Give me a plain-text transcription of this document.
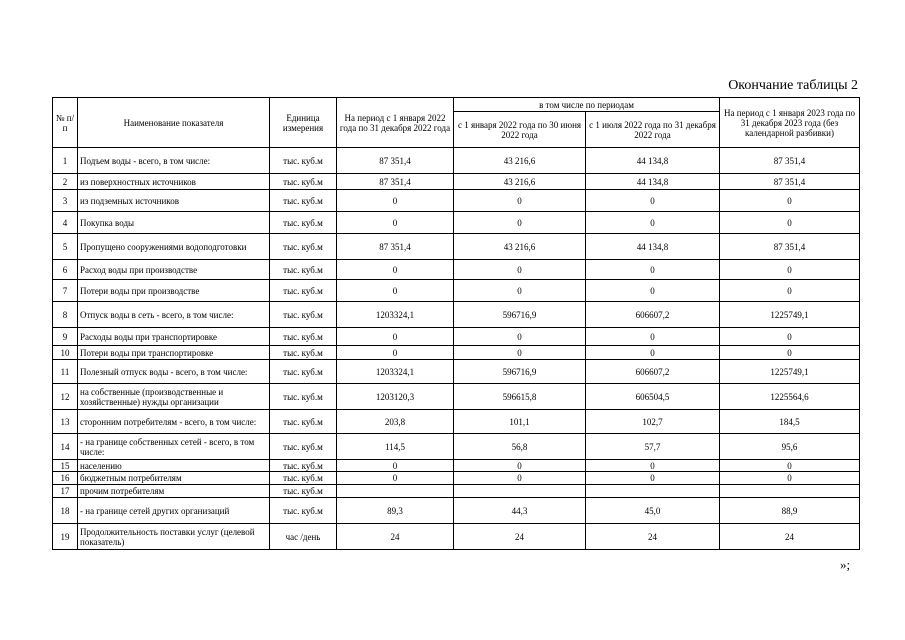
Окончание таблицы 2
№ п/п	Наименование показателя	Единица измерения	На период с 1 января 2022 года по 31 декабря 2022 года	в том числе по периодам		На период с 1 января 2023 года по 31 декабря 2023 года (без календарной разбивки)
				с 1 января 2022 года по 30 июня 2022 года	с 1 июля 2022 года по 31 декабря 2022 года	
1	Подъем воды - всего, в том числе:	тыс. куб.м	87 351,4	43 216,6	44 134,8	87 351,4
2	из поверхностных источников	тыс. куб.м	87 351,4	43 216,6	44 134,8	87 351,4
3	из подземных источников	тыс. куб.м	0	0	0	0
4	Покупка воды	тыс. куб.м	0	0	0	0
5	Пропущено сооружениями водоподготовки	тыс. куб.м	87 351,4	43 216,6	44 134,8	87 351,4
6	Расход воды при производстве	тыс. куб.м	0	0	0	0
7	Потери воды при производстве	тыс. куб.м	0	0	0	0
8	Отпуск воды в сеть - всего, в том числе:	тыс. куб.м	1203324,1	596716,9	606607,2	1225749,1
9	Расходы воды при транспортировке	тыс. куб.м	0	0	0	0
10	Потери воды при транспортировке	тыс. куб.м	0	0	0	0
11	Полезный отпуск воды - всего, в том числе:	тыс. куб.м	1203324,1	596716,9	606607,2	1225749,1
12	на собственные (производственные и хозяйственные) нужды организации	тыс. куб.м	1203120,3	596615,8	606504,5	1225564,6
13	сторонним потребителям - всего, в том числе:	тыс. куб.м	203,8	101,1	102,7	184,5
14	- на границе собственных сетей - всего, в том числе:	тыс. куб.м	114,5	56,8	57,7	95,6
15	населению	тыс. куб.м	0	0	0	0
16	бюджетным потребителям	тыс. куб.м	0	0	0	0
17	прочим потребителям	тыс. куб.м				
18	- на границе сетей других организаций	тыс. куб.м	89,3	44,3	45,0	88,9
19	Продолжительность поставки услуг (целевой показатель)	час /день	24	24	24	24
»;
